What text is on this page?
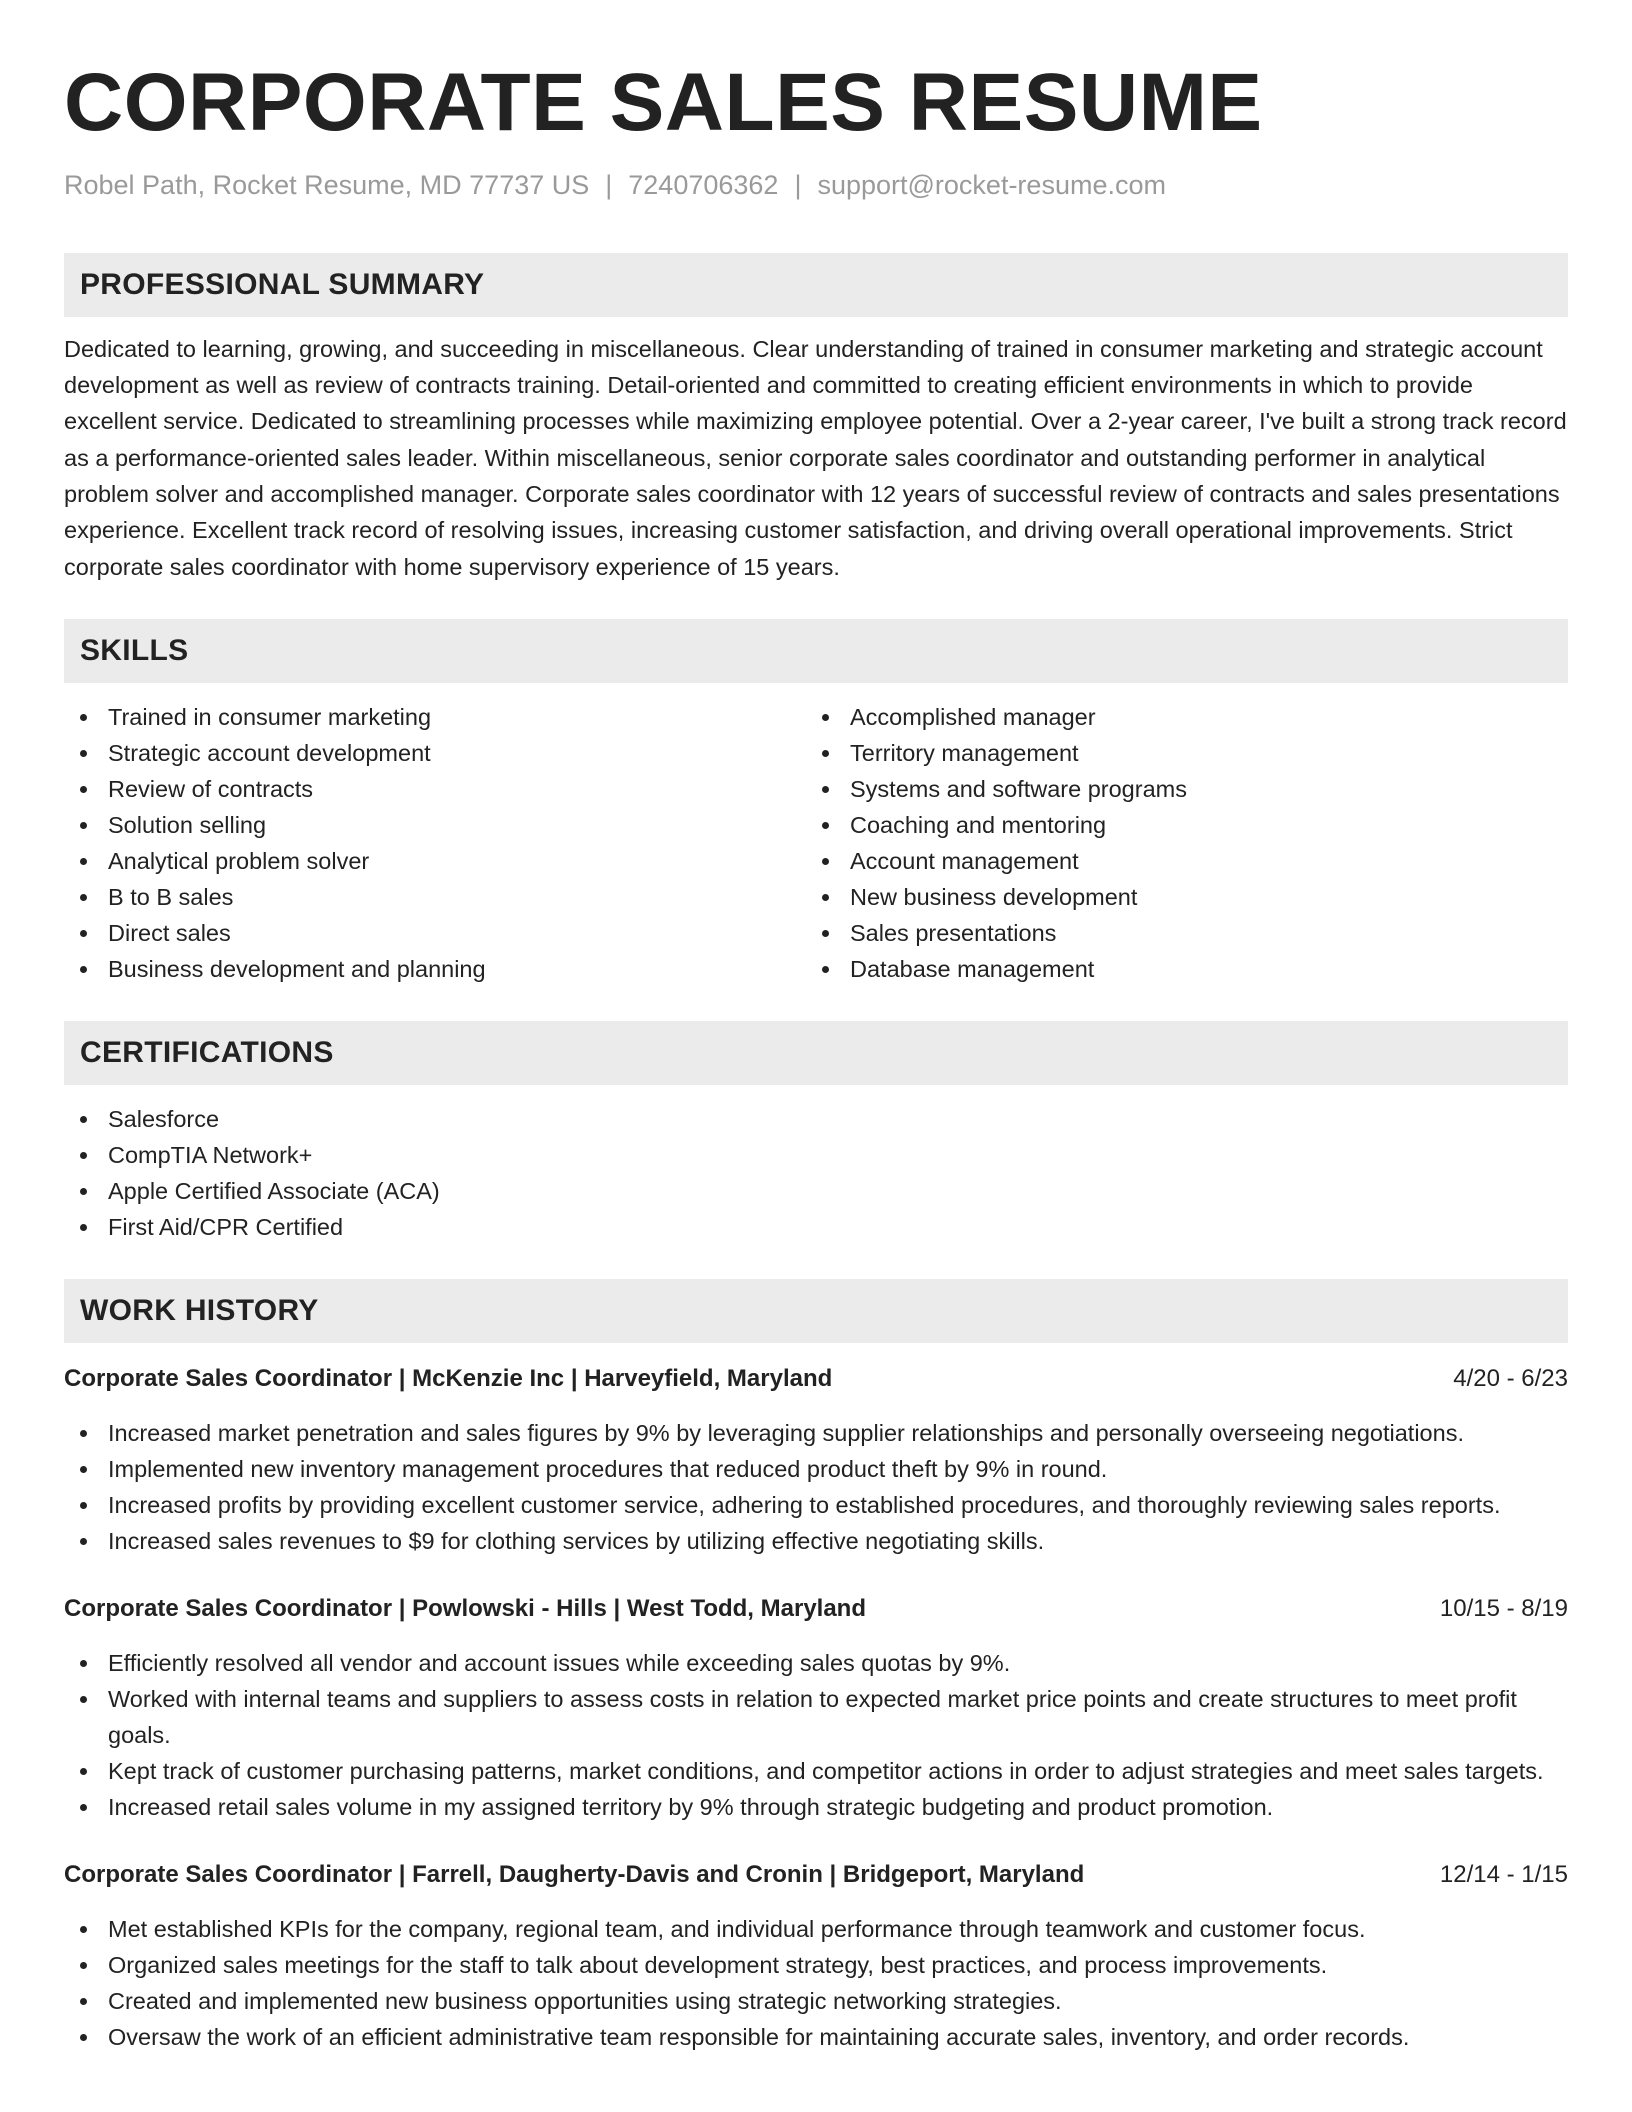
CORPORATE SALES RESUME
Robel Path, Rocket Resume, MD 77737 US | 7240706362 | support@rocket-resume.com
PROFESSIONAL SUMMARY
Dedicated to learning, growing, and succeeding in miscellaneous. Clear understanding of trained in consumer marketing and strategic account development as well as review of contracts training. Detail-oriented and committed to creating efficient environments in which to provide excellent service. Dedicated to streamlining processes while maximizing employee potential. Over a 2-year career, I've built a strong track record as a performance-oriented sales leader. Within miscellaneous, senior corporate sales coordinator and outstanding performer in analytical problem solver and accomplished manager. Corporate sales coordinator with 12 years of successful review of contracts and sales presentations experience. Excellent track record of resolving issues, increasing customer satisfaction, and driving overall operational improvements. Strict corporate sales coordinator with home supervisory experience of 15 years.
SKILLS
Trained in consumer marketing
Strategic account development
Review of contracts
Solution selling
Analytical problem solver
B to B sales
Direct sales
Business development and planning
Accomplished manager
Territory management
Systems and software programs
Coaching and mentoring
Account management
New business development
Sales presentations
Database management
CERTIFICATIONS
Salesforce
CompTIA Network+
Apple Certified Associate (ACA)
First Aid/CPR Certified
WORK HISTORY
Corporate Sales Coordinator | McKenzie Inc | Harveyfield, Maryland	4/20 - 6/23
Increased market penetration and sales figures by 9% by leveraging supplier relationships and personally overseeing negotiations.
Implemented new inventory management procedures that reduced product theft by 9% in round.
Increased profits by providing excellent customer service, adhering to established procedures, and thoroughly reviewing sales reports.
Increased sales revenues to $9 for clothing services by utilizing effective negotiating skills.
Corporate Sales Coordinator | Powlowski - Hills | West Todd, Maryland	10/15 - 8/19
Efficiently resolved all vendor and account issues while exceeding sales quotas by 9%.
Worked with internal teams and suppliers to assess costs in relation to expected market price points and create structures to meet profit goals.
Kept track of customer purchasing patterns, market conditions, and competitor actions in order to adjust strategies and meet sales targets.
Increased retail sales volume in my assigned territory by 9% through strategic budgeting and product promotion.
Corporate Sales Coordinator | Farrell, Daugherty-Davis and Cronin | Bridgeport, Maryland	12/14 - 1/15
Met established KPIs for the company, regional team, and individual performance through teamwork and customer focus.
Organized sales meetings for the staff to talk about development strategy, best practices, and process improvements.
Created and implemented new business opportunities using strategic networking strategies.
Oversaw the work of an efficient administrative team responsible for maintaining accurate sales, inventory, and order records.
